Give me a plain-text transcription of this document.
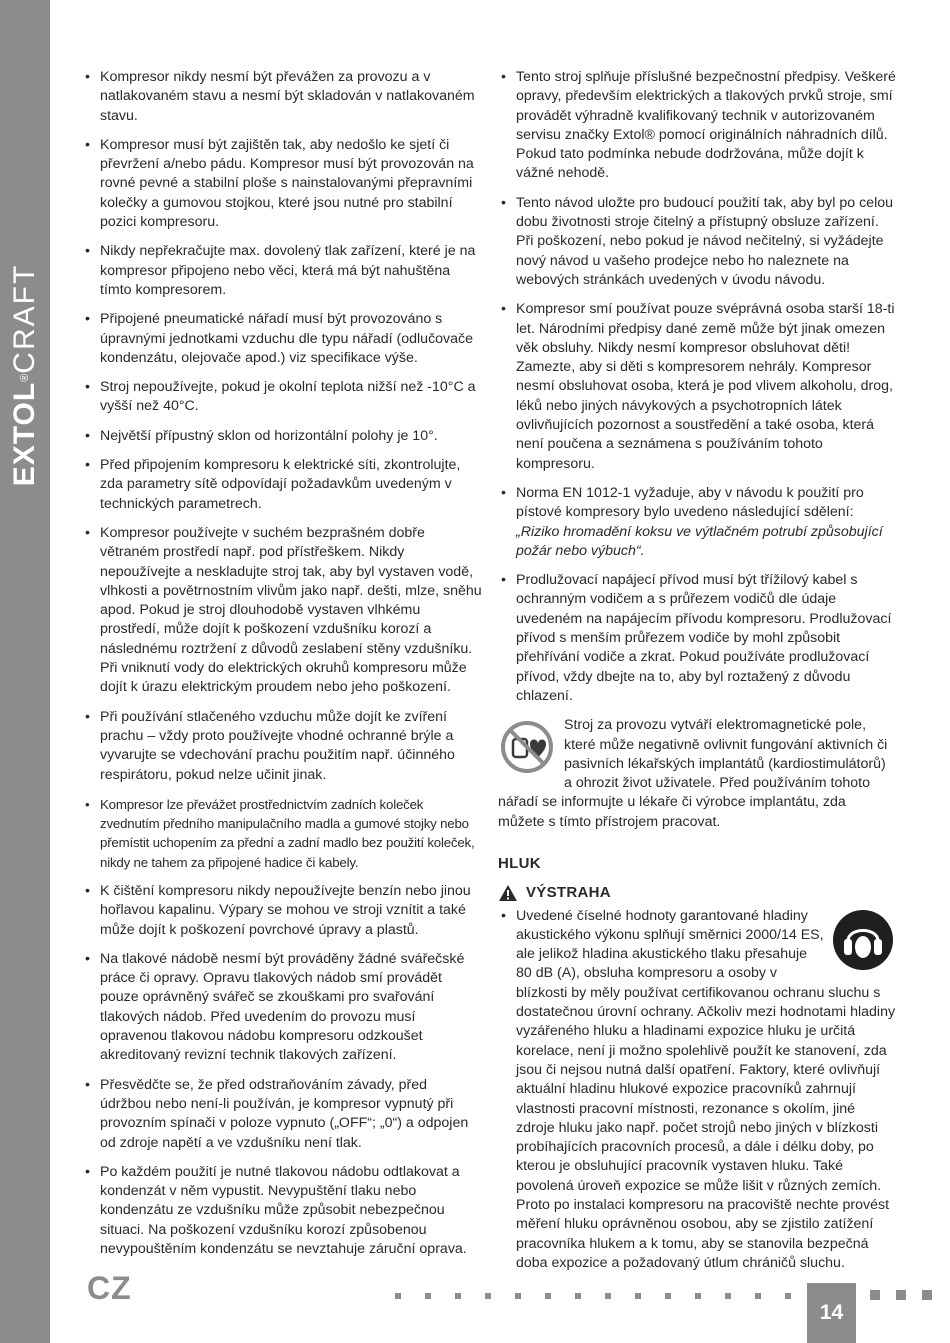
EXTOL®CRAFT
• Kompresor nikdy nesmí být převážen za provozu a v natlakovaném stavu a nesmí být skladován v natlakovaném stavu.
• Kompresor musí být zajištěn tak, aby nedošlo ke sjetí či převržení a/nebo pádu. Kompresor musí být provozován na rovné pevné a stabilní ploše s nainstalovanými přepravními kolečky a gumovou stojkou, které jsou nutné pro stabilní pozici kompresoru.
• Nikdy nepřekračujte max. dovolený tlak zařízení, které je na kompresor připojeno nebo věci, která má být nahuštěna tímto kompresorem.
• Připojené pneumatické nářadí musí být provozováno s úpravnými jednotkami vzduchu dle typu nářadí (odlučovače kondenzátu, olejovače apod.) viz specifikace výše.
• Stroj nepoužívejte, pokud je okolní teplota nižší než -10°C a vyšší než 40°C.
• Největší přípustný sklon od horizontální polohy je 10°.
• Před připojením kompresoru k elektrické síti, zkontrolujte, zda parametry sítě odpovídají požadavkům uvedeným v technických parametrech.
• Kompresor používejte v suchém bezprašném dobře větraném prostředí např. pod přístřeškem. Nikdy nepoužívejte a neskladujte stroj tak, aby byl vystaven vodě, vlhkosti a povětrnostním vlivům jako např. dešti, mlze, sněhu apod. Pokud je stroj dlouhodobě vystaven vlhkému prostředí, může dojít k poškození vzdušníku korozí a následnému roztržení z důvodů zeslabení stěny vzdušníku. Při vniknutí vody do elektrických okruhů kompresoru může dojít k úrazu elektrickým proudem nebo jeho poškození.
• Při používání stlačeného vzduchu může dojít ke zvíření prachu – vždy proto používejte vhodné ochranné brýle a vyvarujte se vdechování prachu použitím např. účinného respirátoru, pokud nelze učinit jinak.
• Kompresor lze převážet prostřednictvím zadních koleček zvednutím předního manipulačního madla a gumové stojky nebo přemístit uchopením za přední a zadní madlo bez použití koleček, nikdy ne tahem za připojené hadice či kabely.
• K čištění kompresoru nikdy nepoužívejte benzín nebo jinou hořlavou kapalinu. Výpary se mohou ve stroji vznítit a také může dojít k poškození povrchové úpravy a plastů.
• Na tlakové nádobě nesmí být prováděny žádné svářečské práce či opravy. Opravu tlakových nádob smí provádět pouze oprávněný svářeč se zkouškami pro svařování tlakových nádob. Před uvedením do provozu musí opravenou tlakovou nádobu kompresoru odzkoušet akreditovaný revizní technik tlakových zařízení.
• Přesvědčte se, že před odstraňováním závady, před údržbou nebo není-li používán, je kompresor vypnutý při provozním spínači v poloze vypnuto („OFF“; „0“) a odpojen od zdroje napětí a ve vzdušníku není tlak.
• Po každém použití je nutné tlakovou nádobu odtlakovat a kondenzát v něm vypustit. Nevypuštění tlaku nebo kondenzátu ze vzdušníku může způsobit nebezpečnou situaci. Na poškození vzdušníku korozí způsobenou nevypouštěním kondenzátu se nevztahuje záruční oprava.
• Tento stroj splňuje příslušné bezpečnostní předpisy. Veškeré opravy, především elektrických a tlakových prvků stroje, smí provádět výhradně kvalifikovaný technik v autorizovaném servisu značky Extol® pomocí originálních náhradních dílů. Pokud tato podmínka nebude dodržována, může dojít k vážné nehodě.
• Tento návod uložte pro budoucí použití tak, aby byl po celou dobu životnosti stroje čitelný a přístupný obsluze zařízení. Při poškození, nebo pokud je návod nečitelný, si vyžádejte nový návod u vašeho prodejce nebo ho naleznete na webových stránkách uvedených v úvodu návodu.
• Kompresor smí používat pouze svéprávná osoba starší 18-ti let. Národními předpisy dané země může být jinak omezen věk obsluhy. Nikdy nesmí kompresor obsluhovat děti! Zamezte, aby si děti s kompresorem nehrály. Kompresor nesmí obsluhovat osoba, která je pod vlivem alkoholu, drog, léků nebo jiných návykových a psychotropních látek ovlivňujících pozornost a soustředění a také osoba, která není poučena a seznámena s používáním tohoto kompresoru.
• Norma EN 1012-1 vyžaduje, aby v návodu k použití pro pístové kompresory bylo uvedeno následující sdělení: „Riziko hromadění koksu ve výtlačném potrubí způsobující požár nebo výbuch“.
• Prodlužovací napájecí přívod musí být třížilový kabel s ochranným vodičem a s průřezem vodičů dle údaje uvedeném na napájecím přívodu kompresoru. Prodlužovací přívod s menším průřezem vodiče by mohl způsobit přehřívání vodiče a zkrat. Pokud používáte prodlužovací přívod, vždy dbejte na to, aby byl roztažený z důvodu chlazení.
Stroj za provozu vytváří elektromagnetické pole, které může negativně ovlivnit fungování aktivních či pasivních lékařských implantátů (kardiostimulátorů) a ohrozit život uživatele. Před používáním tohoto nářadí se informujte u lékaře či výrobce implantátu, zda můžete s tímto přístrojem pracovat.
HLUK
VÝSTRAHA
• Uvedené číselné hodnoty garantované hladiny akustického výkonu splňují směrnici 2000/14 ES, ale jelikož hladina akustického tlaku přesahuje 80 dB (A), obsluha kompresoru a osoby v blízkosti by měly používat certifikovanou ochranu sluchu s dostatečnou úrovní ochrany. Ačkoliv mezi hodnotami hladiny vyzářeného hluku a hladinami expozice hluku je určitá korelace, není ji možno spolehlivě použít ke stanovení, zda jsou či nejsou nutná další opatření. Faktory, které ovlivňují aktuální hladinu hlukové expozice pracovníků zahrnují vlastnosti pracovní místnosti, rezonance s okolím, jiné zdroje hluku jako např. počet strojů nebo jiných v blízkosti probíhajících pracovních procesů, a dále i délku doby, po kterou je obsluhující pracovník vystaven hluku. Také povolená úroveň expozice se může lišit v různých zemích. Proto po instalaci kompresoru na pracoviště nechte provést měření hluku oprávněnou osobou, aby se zjistilo zatížení pracovníka hlukem a k tomu, aby se stanovila bezpečná doba expozice a požadovaný útlum chráničů sluchu.
CZ
14
